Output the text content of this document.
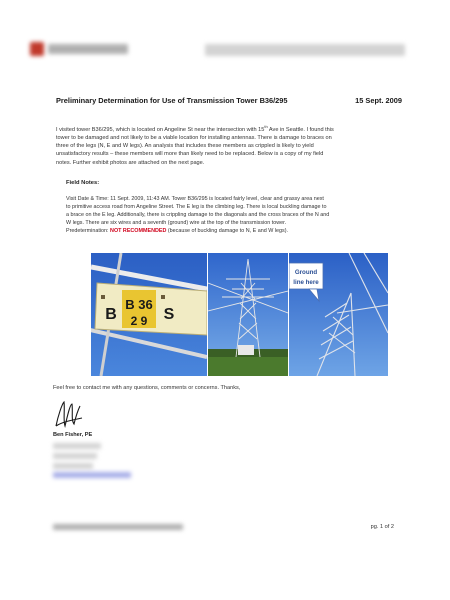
Preliminary Determination for Use of Transmission Tower B36/295	15 Sept. 2009
I visited tower B36/295, which is located on Angeline St near the intersection with 15th Ave in Seattle. I found this
tower to be damaged and not likely to be a viable location for installing antennas. There is damage to braces on
three of the legs (N, E and W legs). An analysis that includes these members as crippled is likely to yield
unsatisfactory results – these members will more than likely need to be replaced. Below is a copy of my field
notes. Further exhibit photos are attached on the next page.
Field Notes:
Visit Date & Time: 11 Sept. 2009, 11:43 AM. Tower B36/295 is located fairly level, clear and grassy area next
to primitive access road from Angeline Street. The E leg is the climbing leg. There is local buckling damage to
a brace on the E leg. Additionally, there is crippling damage to the diagonals and the cross braces of the N and
W legs. There are six wires and a seventh (ground) wire at the top of the transmission tower.
Predetermination: NOT RECOMMENDED (because of buckling damage to N, E and W legs).
B 36
2 9
B	S
Ground
line here
Feel free to contact me with any questions, comments or concerns. Thanks,
Ben Fisher, PE
pg. 1 of 2
